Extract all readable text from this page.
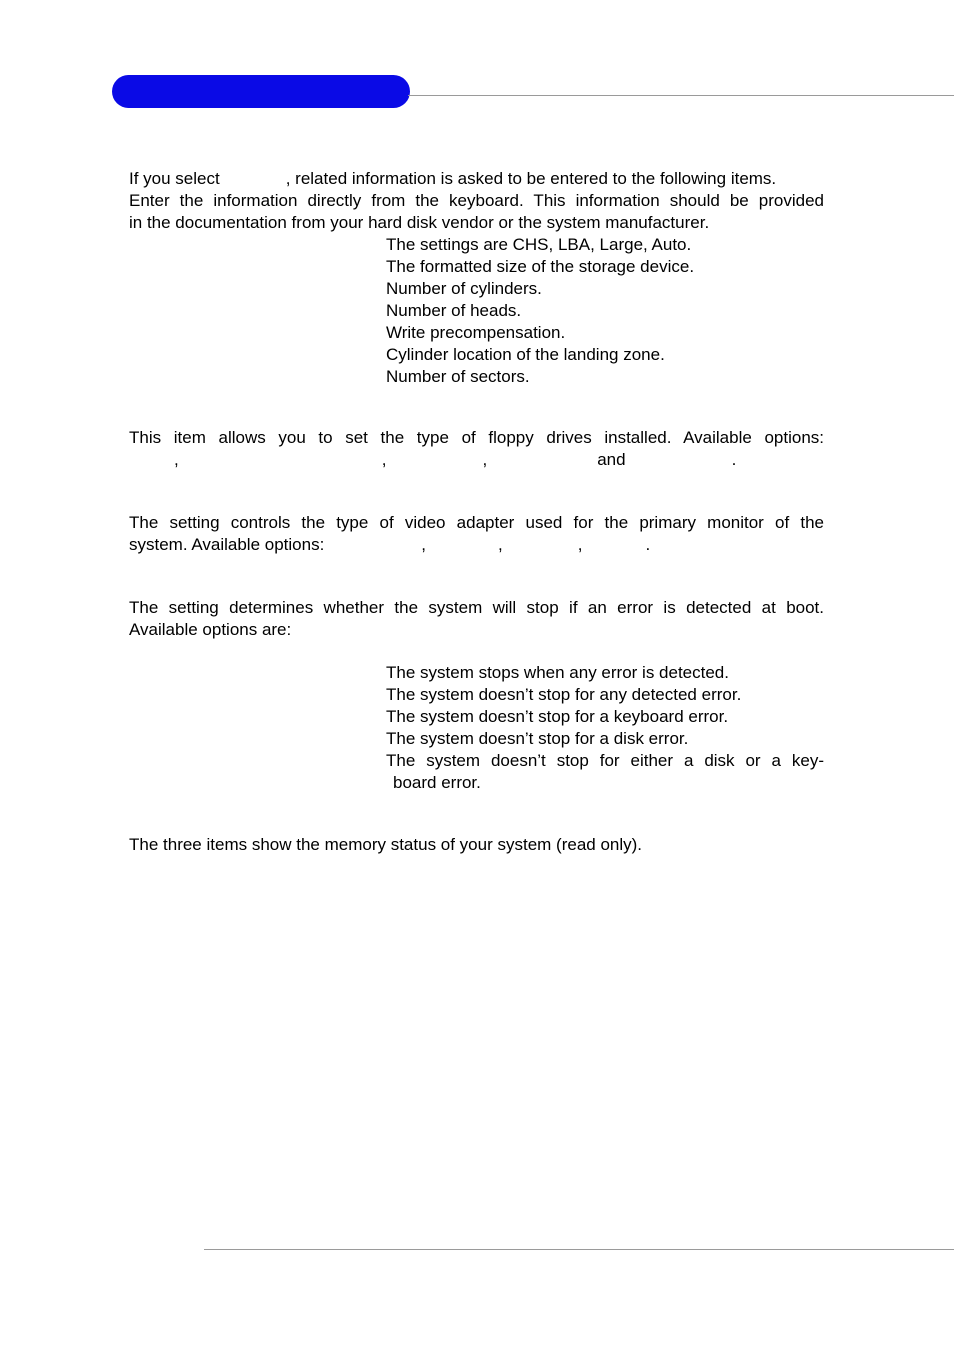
If you select	, related information is asked to be entered to the following items.
Enter the information directly from the keyboard. This information should be provided
in the documentation from your hard disk vendor or the system manufacturer.
The settings are CHS, LBA, Large, Auto.
The formatted size of the storage device.
Number of cylinders.
Number of heads.
Write precompensation.
Cylinder location of the landing zone.
Number of sectors.
This item allows you to set the type of floppy drives installed. Available options:
,	,	,	and	.
The setting controls the type of video adapter used for the primary monitor of the
system. Available options:	,	,	,	.
The setting determines whether the system will stop if an error is detected at boot.
Available options are:
The system stops when any error is detected.
The system doesn’t stop for any detected error.
The system doesn’t stop for a keyboard error.
The system doesn’t stop for a disk error.
The system doesn’t stop for either a disk or a key-
board error.
The three items show the memory status of your system (read only).
